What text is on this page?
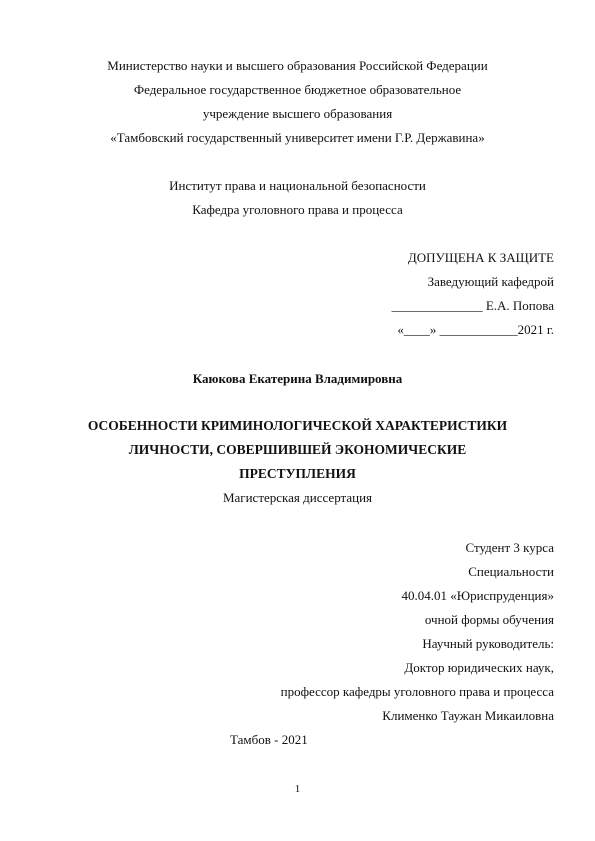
Министерство науки и высшего образования Российской Федерации
Федеральное государственное бюджетное образовательное
учреждение высшего образования
«Тамбовский государственный университет имени Г.Р. Державина»
Институт права и национальной безопасности
Кафедра уголовного права и процесса
ДОПУЩЕНА К ЗАЩИТЕ
Заведующий кафедрой
______________ Е.А. Попова
«____» ____________2021 г.
Каюкова Екатерина Владимировна
ОСОБЕННОСТИ КРИМИНОЛОГИЧЕСКОЙ ХАРАКТЕРИСТИКИ
ЛИЧНОСТИ, СОВЕРШИВШЕЙ ЭКОНОМИЧЕСКИЕ
ПРЕСТУПЛЕНИЯ
Магистерская диссертация
Студент 3 курса
Специальности
40.04.01 «Юриспруденция»
очной формы обучения
Научный руководитель:
Доктор юридических наук,
профессор кафедры уголовного права и процесса
Клименко Таужан Микаиловна
Тамбов - 2021
1
